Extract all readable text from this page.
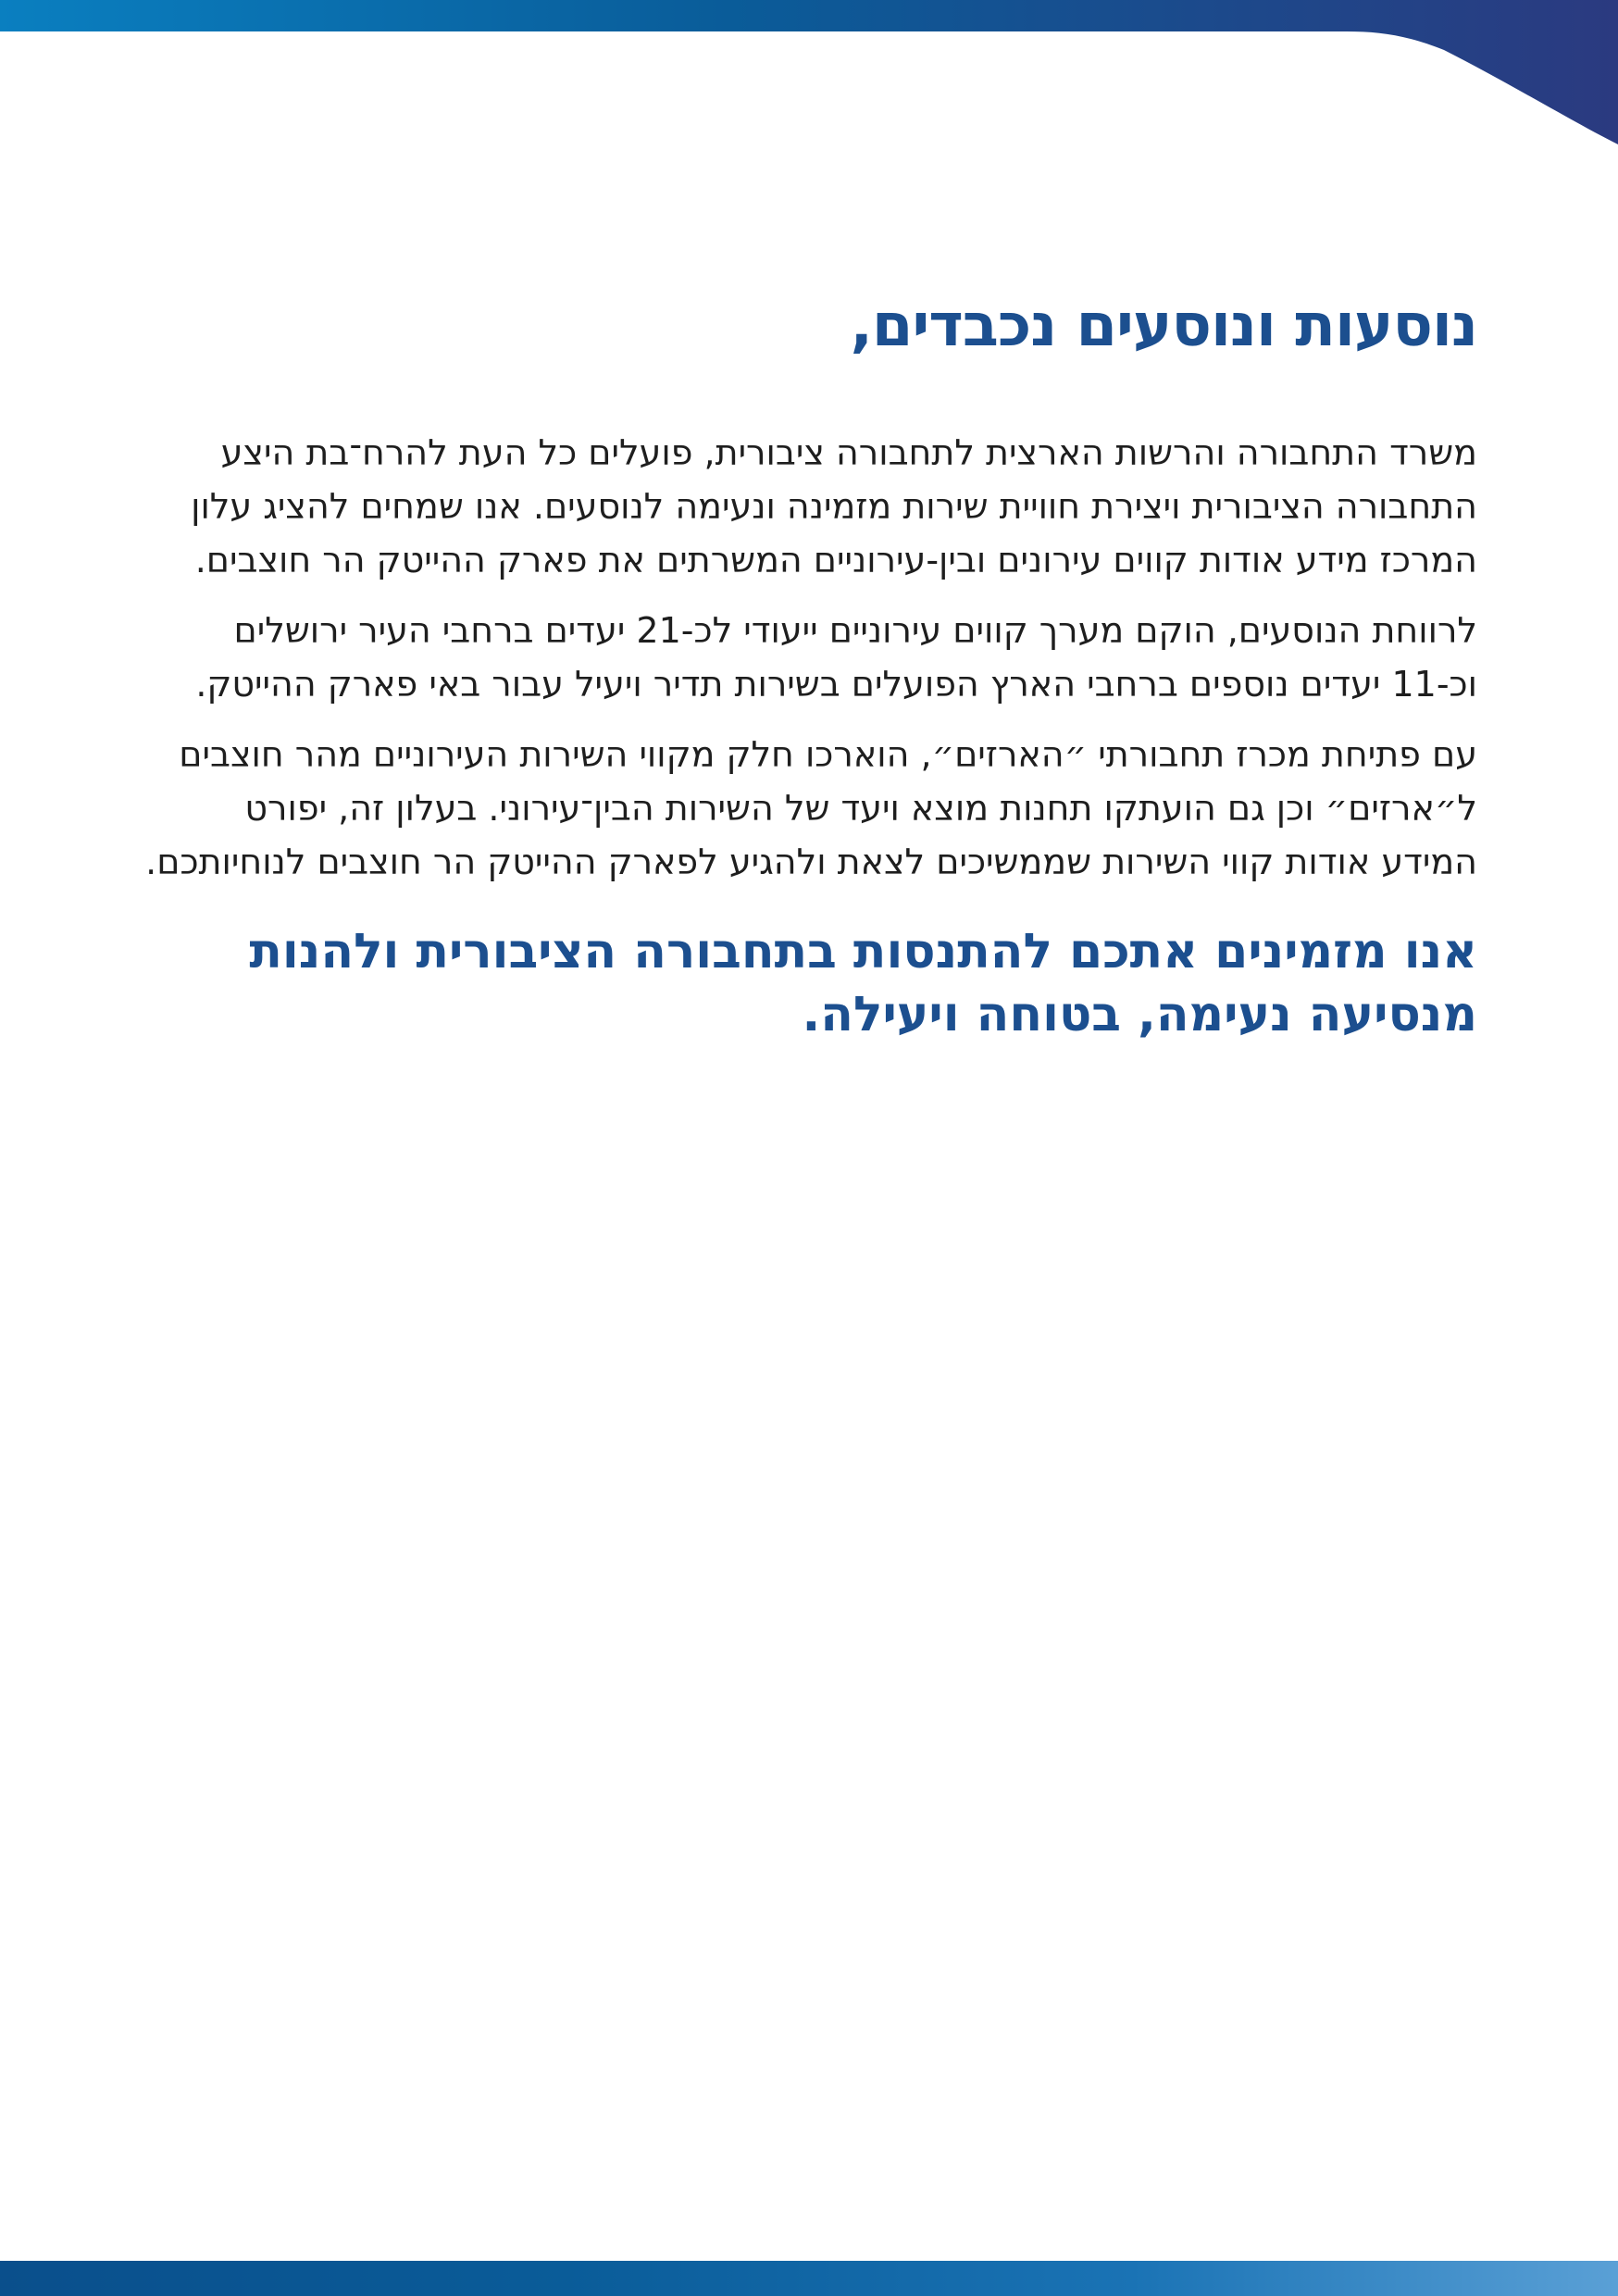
נוסעות ונוסעים נכבדים,

משרד התחבורה והרשות הארצית לתחבורה ציבורית, פועלים כל העת להרח־בת היצע התחבורה הציבורית ויצירת חוויית שירות מזמינה ונעימה לנוסעים. אנו שמחים להציג עלון המרכז מידע אודות קווים עירונים ובין-עירוניים המשרתים את פארק ההייטק הר חוצבים.

לרווחת הנוסעים, הוקם מערך קווים עירוניים ייעודי לכ-21 יעדים ברחבי העיר ירושלים וכ-11 יעדים נוספים ברחבי הארץ הפועלים בשירות תדיר ויעיל עבור באי פארק ההייטק.

עם פתיחת מכרז תחבורתי ״הארזים״, הוארכו חלק מקווי השירות העירוניים מהר חוצבים ל״ארזים״ וכן גם הועתקו תחנות מוצא ויעד של השירות הבין־עירוני. בעלון זה, יפורט המידע אודות קווי השירות שממשיכים לצאת ולהגיע לפארק ההייטק הר חוצבים לנוחיותכם.

אנו מזמינים אתכם להתנסות בתחבורה הציבורית ולהנות מנסיעה נעימה, בטוחה ויעילה.
